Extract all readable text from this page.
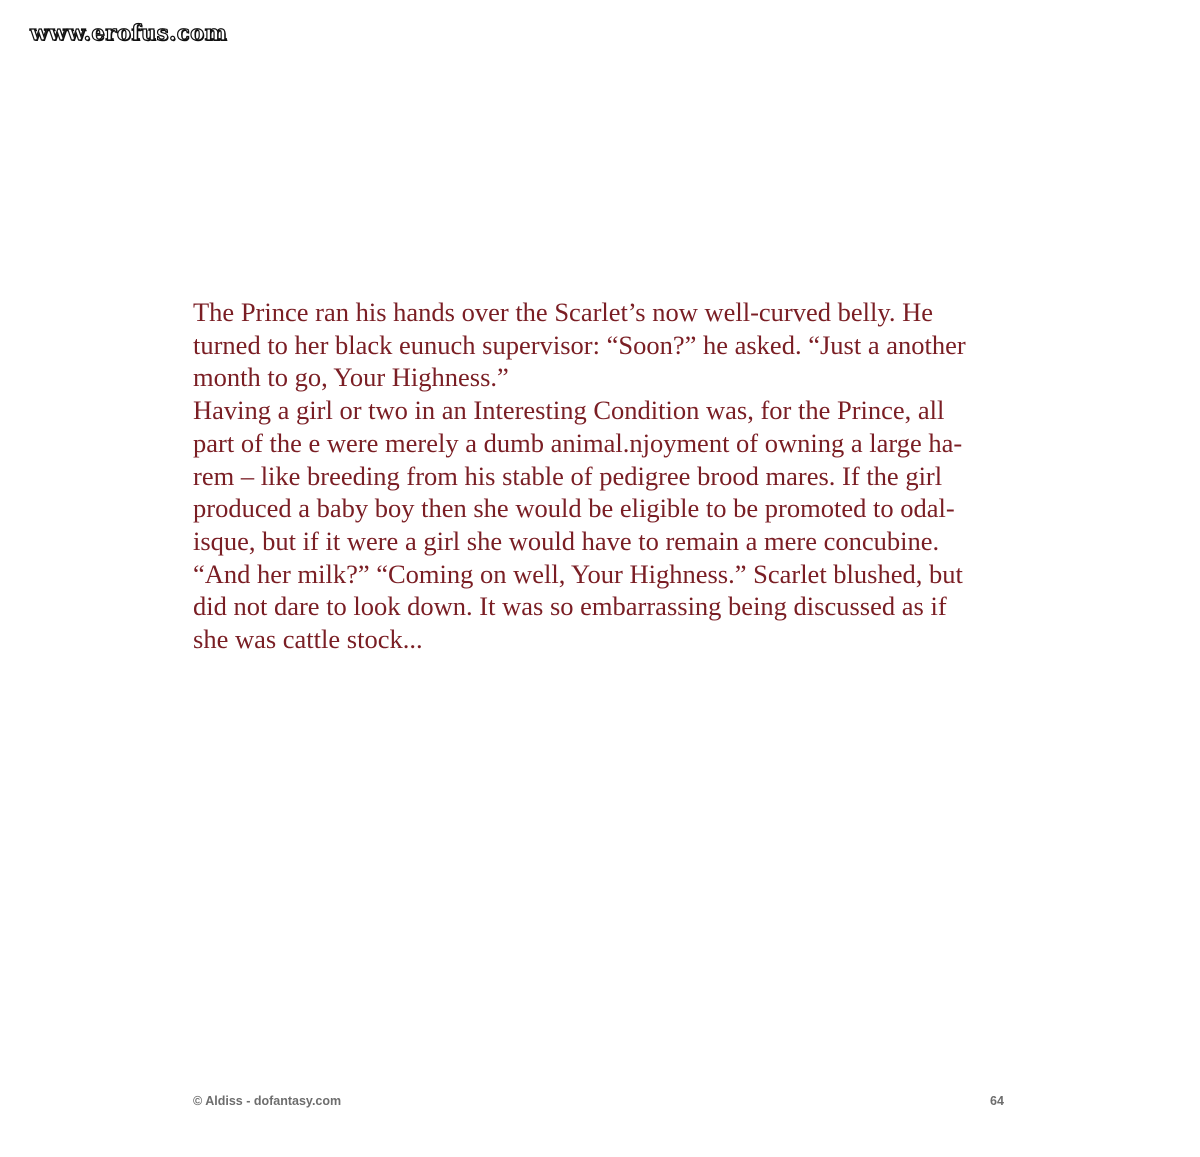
www.erofus.com
The Prince ran his hands over the Scarlet’s now well-curved belly. He
turned to her black eunuch supervisor: “Soon?” he asked. “Just a another
month to go, Your Highness.”
Having a girl or two in an Interesting Condition was, for the Prince, all
part of the e were merely a dumb animal.njoyment of owning a large ha-
rem – like breeding from his stable of pedigree brood mares. If the girl
produced a baby boy then she would be eligible to be promoted to odal-
isque, but if it were a girl she would have to remain a mere concubine.
“And her milk?” “Coming on well, Your Highness.” Scarlet blushed, but
did not dare to look down. It was so embarrassing being discussed as if
she was cattle stock...
© Aldiss - dofantasy.com	64
